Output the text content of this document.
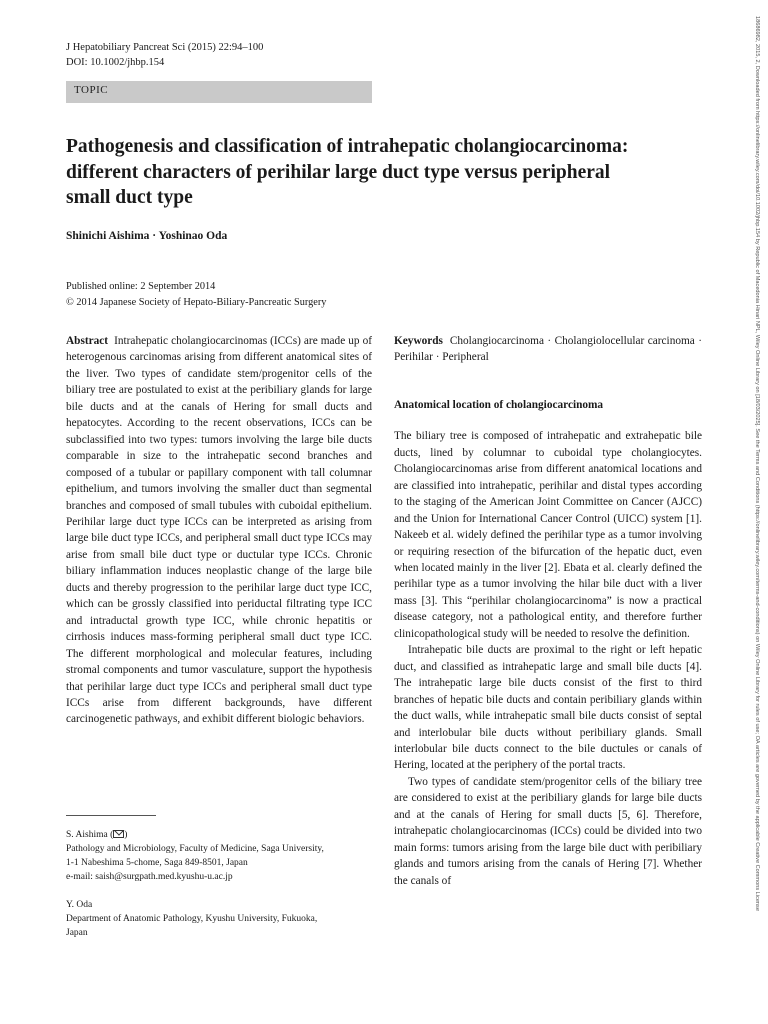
J Hepatobiliary Pancreat Sci (2015) 22:94–100
DOI: 10.1002/jhbp.154
TOPIC
Pathogenesis and classification of intrahepatic cholangiocarcinoma:
different characters of perihilar large duct type versus peripheral
small duct type
Shinichi Aishima · Yoshinao Oda
Published online: 2 September 2014
© 2014 Japanese Society of Hepato-Biliary-Pancreatic Surgery

Abstract Intrahepatic cholangiocarcinomas (ICCs) are made up of heterogenous carcinomas arising from different anatomical sites of the liver. Two types of candidate stem/progenitor cells of the biliary tree are postulated to exist at the peribiliary glands for large bile ducts and at the canals of Hering for small ducts and hepatocytes. According to the recent observations, ICCs can be subclassified into two types: tumors involving the large bile ducts comparable in size to the intrahepatic second branches and composed of a tubular or papillary component with tall columnar epithelium, and tumors involving the smaller duct than segmental branches and composed of small tubules with cuboidal epithelium. Perihilar large duct type ICCs can be interpreted as arising from large bile duct type ICCs, and peripheral small duct type ICCs may arise from small bile duct type or ductular type ICCs. Chronic biliary inflammation induces neoplastic change of the large bile ducts and thereby progression to the perihilar large duct type ICC, which can be grossly classified into periductal filtrating type ICC and intraductal growth type ICC, while chronic hepatitis or cirrhosis induces mass-forming peripheral small duct type ICC. The different morphological and molecular features, including stromal components and tumor vasculature, support the hypothesis that perihilar large duct type ICCs and peripheral small duct type ICCs arise from different backgrounds, have different carcinogenetic pathways, and exhibit different biologic behaviors.

Keywords Cholangiocarcinoma · Cholangiolocellular carcinoma · Perihilar · Peripheral

Anatomical location of cholangiocarcinoma

The biliary tree is composed of intrahepatic and extrahepatic bile ducts, lined by columnar to cuboidal type cholangiocytes. Cholangiocarcinomas arise from different anatomical locations and are classified into intrahepatic, perihilar and distal types according to the staging of the American Joint Committee on Cancer (AJCC) and the Union for International Cancer Control (UICC) system [1]. Nakeeb et al. widely defined the perihilar type as a tumor involving or requiring resection of the bifurcation of the hepatic duct, even when located mainly in the liver [2]. Ebata et al. clearly defined the perihilar type as a tumor involving the hilar bile duct with a liver mass [3]. This “perihilar cholangiocarcinoma” is now a practical disease category, not a pathological entity, and therefore further clinicopathological study will be needed to resolve the definition.

Intrahepatic bile ducts are proximal to the right or left hepatic duct, and classified as intrahepatic large and small bile ducts [4]. The intrahepatic large bile ducts consist of the first to third branches of hepatic bile ducts and contain peribiliary glands within the duct walls, while intrahepatic small bile ducts consist of septal and interlobular bile ducts without peribiliary glands. Small interlobular bile ducts connect to the bile ductules or canals of Hering, located at the periphery of the portal tracts.

Two types of candidate stem/progenitor cells of the biliary tree are considered to exist at the peribiliary glands for large bile ducts and at the canals of Hering for small ducts [5, 6]. Therefore, intrahepatic cholangiocarcinomas (ICCs) could be divided into two main forms: tumors arising from the large bile duct with peribiliary glands and tumors arising from the canals of Hering [7]. Whether the canals of

S. Aishima ( )
Pathology and Microbiology, Faculty of Medicine, Saga University,
1-1 Nabeshima 5-chome, Saga 849-8501, Japan
e-mail: saish@surgpath.med.kyushu-u.ac.jp
Y. Oda
Department of Anatomic Pathology, Kyushu University, Fukuoka,
Japan
18686982, 2015, 2, Downloaded from https://onlinelibrary.wiley.com/doi/10.1002/jhbp.154 by Republic of Macedonia Hinari NPL, Wiley Online Library on [18/03/2025]. See the Terms and Conditions (https://onlinelibrary.wiley.com/terms-and-conditions) on Wiley Online Library for rules of use; OA articles are governed by the applicable Creative Commons License
